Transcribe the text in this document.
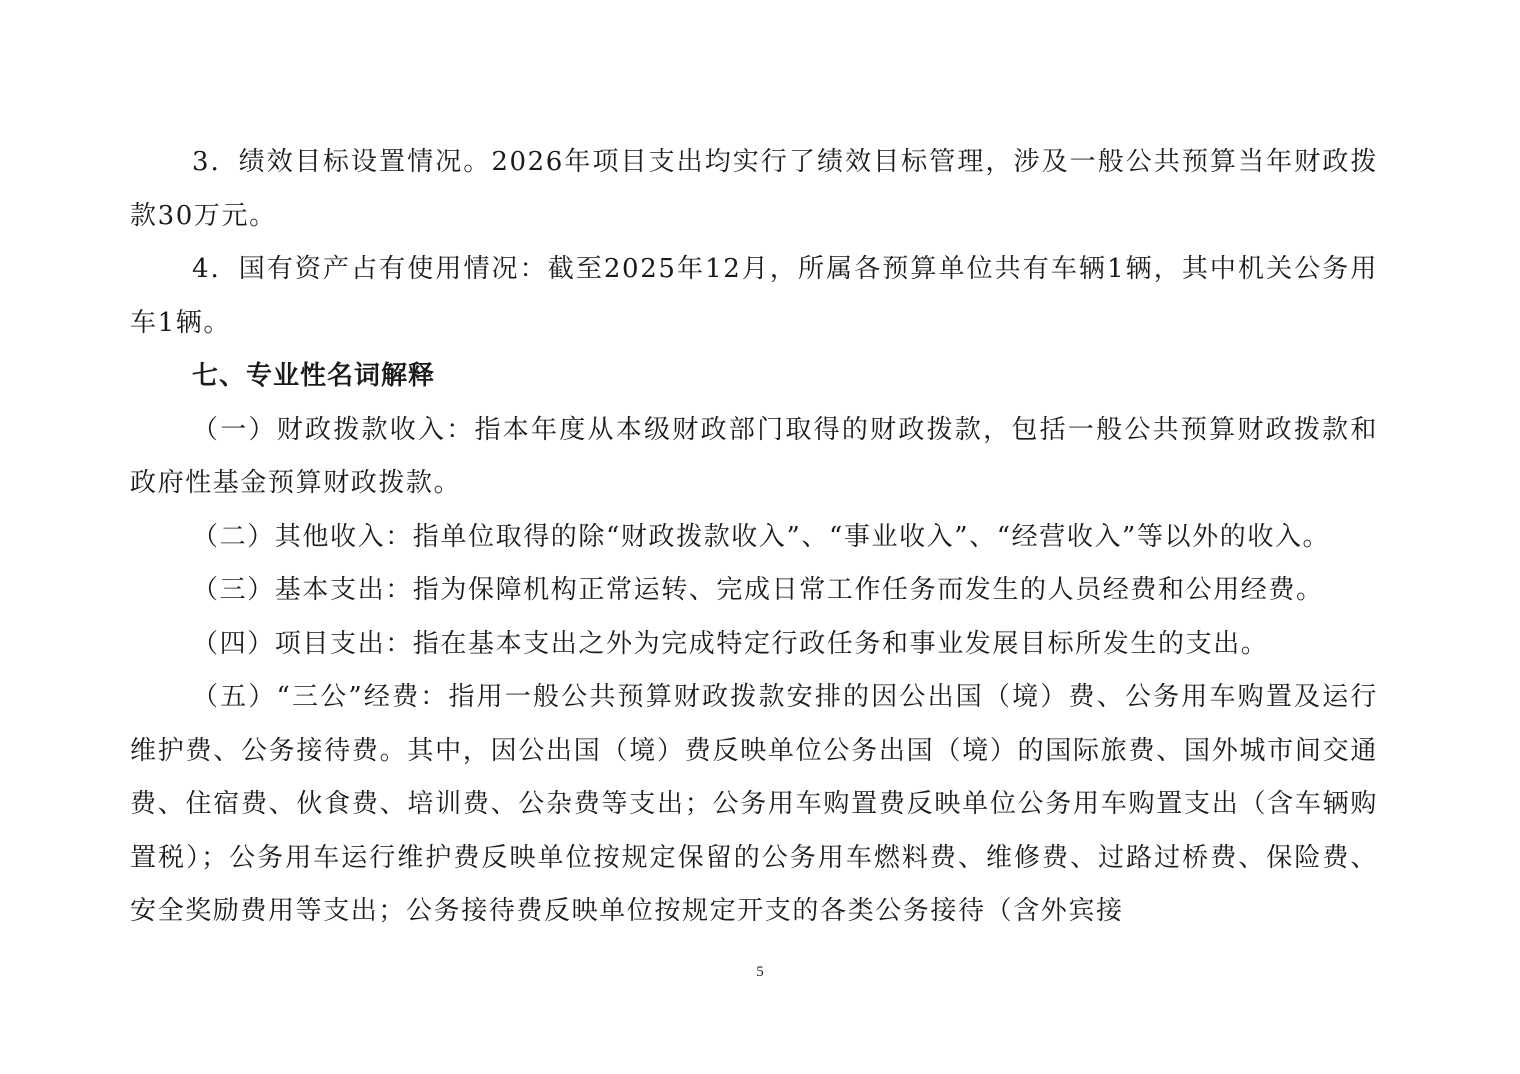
3．绩效目标设置情况。2026年项目支出均实行了绩效目标管理，涉及一般公共预算当年财政拨款30万元。

4．国有资产占有使用情况：截至2025年12月，所属各预算单位共有车辆1辆，其中机关公务用车1辆。

七、专业性名词解释

（一）财政拨款收入：指本年度从本级财政部门取得的财政拨款，包括一般公共预算财政拨款和政府性基金预算财政拨款。

（二）其他收入：指单位取得的除“财政拨款收入”、“事业收入”、“经营收入”等以外的收入。

（三）基本支出：指为保障机构正常运转、完成日常工作任务而发生的人员经费和公用经费。

（四）项目支出：指在基本支出之外为完成特定行政任务和事业发展目标所发生的支出。

（五）“三公”经费：指用一般公共预算财政拨款安排的因公出国（境）费、公务用车购置及运行维护费、公务接待费。其中，因公出国（境）费反映单位公务出国（境）的国际旅费、国外城市间交通费、住宿费、伙食费、培训费、公杂费等支出；公务用车购置费反映单位公务用车购置支出（含车辆购置税）；公务用车运行维护费反映单位按规定保留的公务用车燃料费、维修费、过路过桥费、保险费、安全奖励费用等支出；公务接待费反映单位按规定开支的各类公务接待（含外宾接

5
